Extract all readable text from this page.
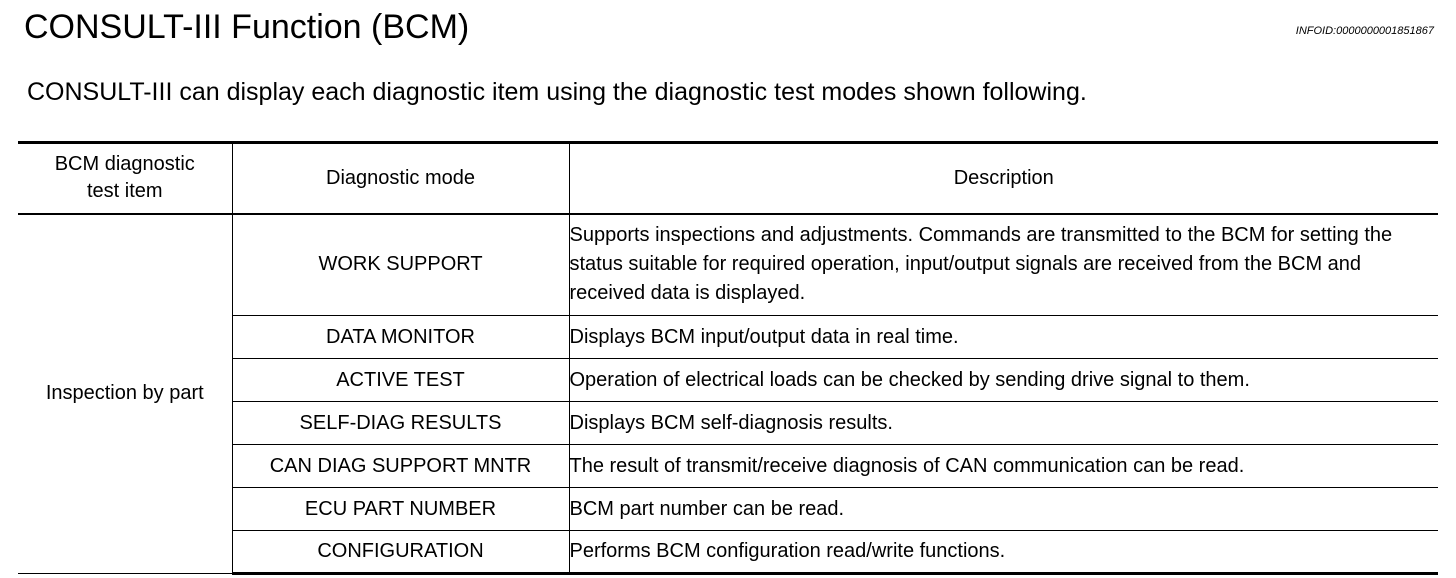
CONSULT-III Function (BCM)	INFOID:0000000001851867
CONSULT-III can display each diagnostic item using the diagnostic test modes shown following.
BCM diagnostic test item	Diagnostic mode	Description
Inspection by part	WORK SUPPORT	Supports inspections and adjustments. Commands are transmitted to the BCM for setting the status suitable for required operation, input/output signals are received from the BCM and received data is displayed.
	DATA MONITOR	Displays BCM input/output data in real time.
	ACTIVE TEST	Operation of electrical loads can be checked by sending drive signal to them.
	SELF-DIAG RESULTS	Displays BCM self-diagnosis results.
	CAN DIAG SUPPORT MNTR	The result of transmit/receive diagnosis of CAN communication can be read.
	ECU PART NUMBER	BCM part number can be read.
	CONFIGURATION	Performs BCM configuration read/write functions.
